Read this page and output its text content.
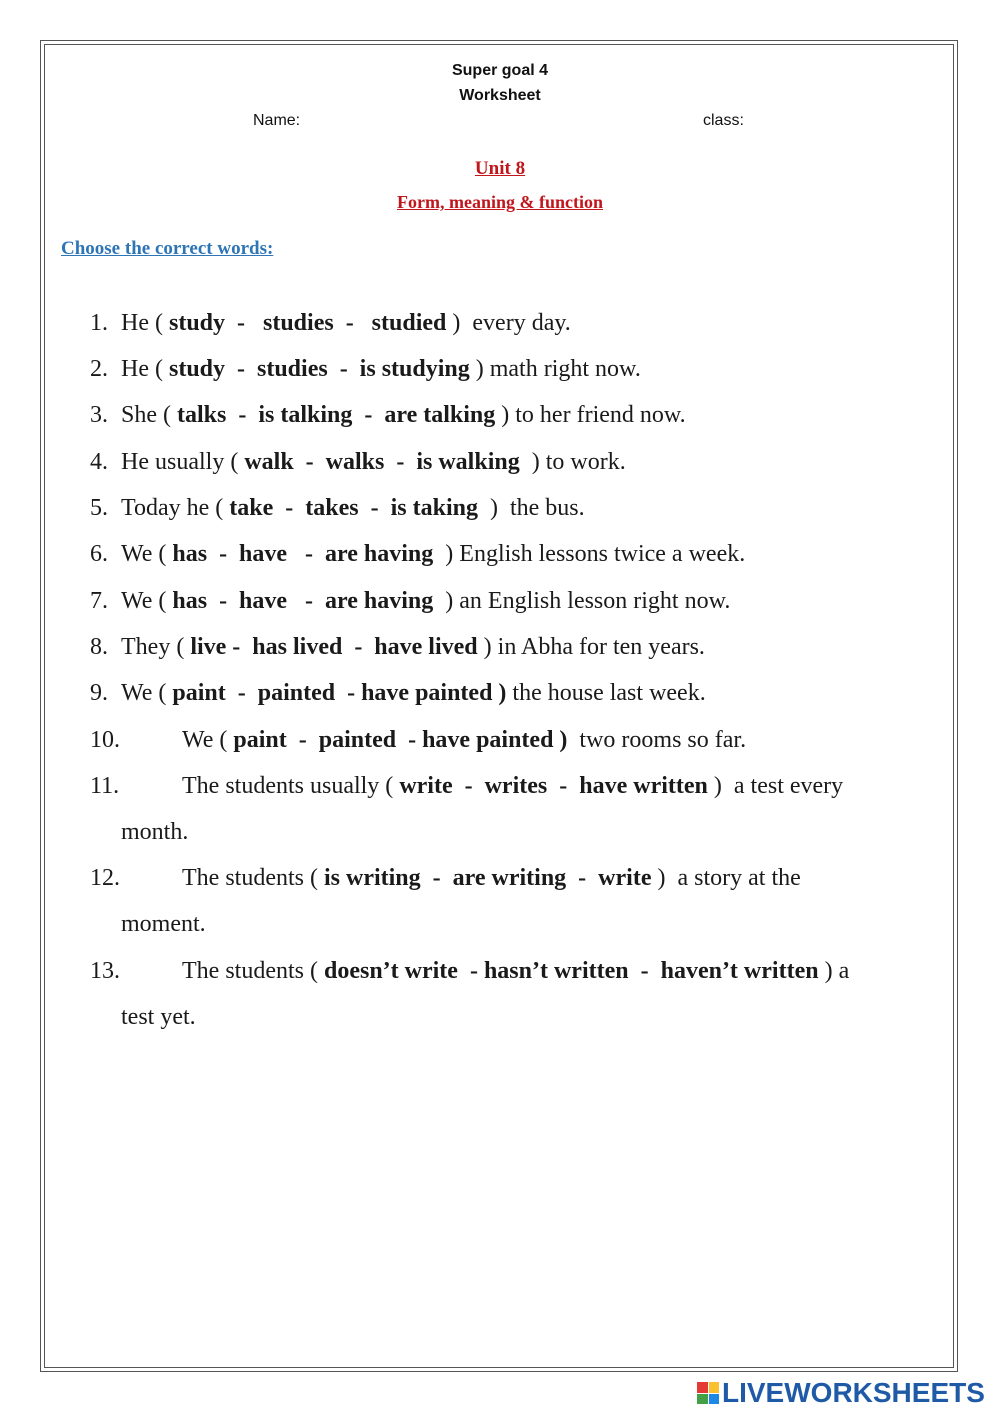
Super goal 4
Worksheet
Name:	class:
Unit 8
Form, meaning & function
Choose the correct words:
1. He ( study  -   studies  -   studied )  every day.
2. He ( study  -  studies  -  is studying ) math right now.
3. She ( talks  -  is talking  -  are talking ) to her friend now.
4. He usually ( walk  -  walks  -  is walking  ) to work.
5. Today he ( take  -  takes  -  is taking  )  the bus.
6. We ( has  -  have   -  are having  ) English lessons twice a week.
7. We ( has  -  have   -  are having  ) an English lesson right now.
8. They ( live -  has lived  -  have lived ) in Abha for ten years.
9. We ( paint  -  painted  - have painted ) the house last week.
10.	We ( paint  -  painted  - have painted )  two rooms so far.
11.	The students usually ( write  -  writes  -  have written )  a test every
month.
12.	The students ( is writing  -  are writing  -  write )  a story at the
moment.
13.	The students ( doesn’t write  - hasn’t written  -  haven’t written ) a
test yet.
LIVEWORKSHEETS
